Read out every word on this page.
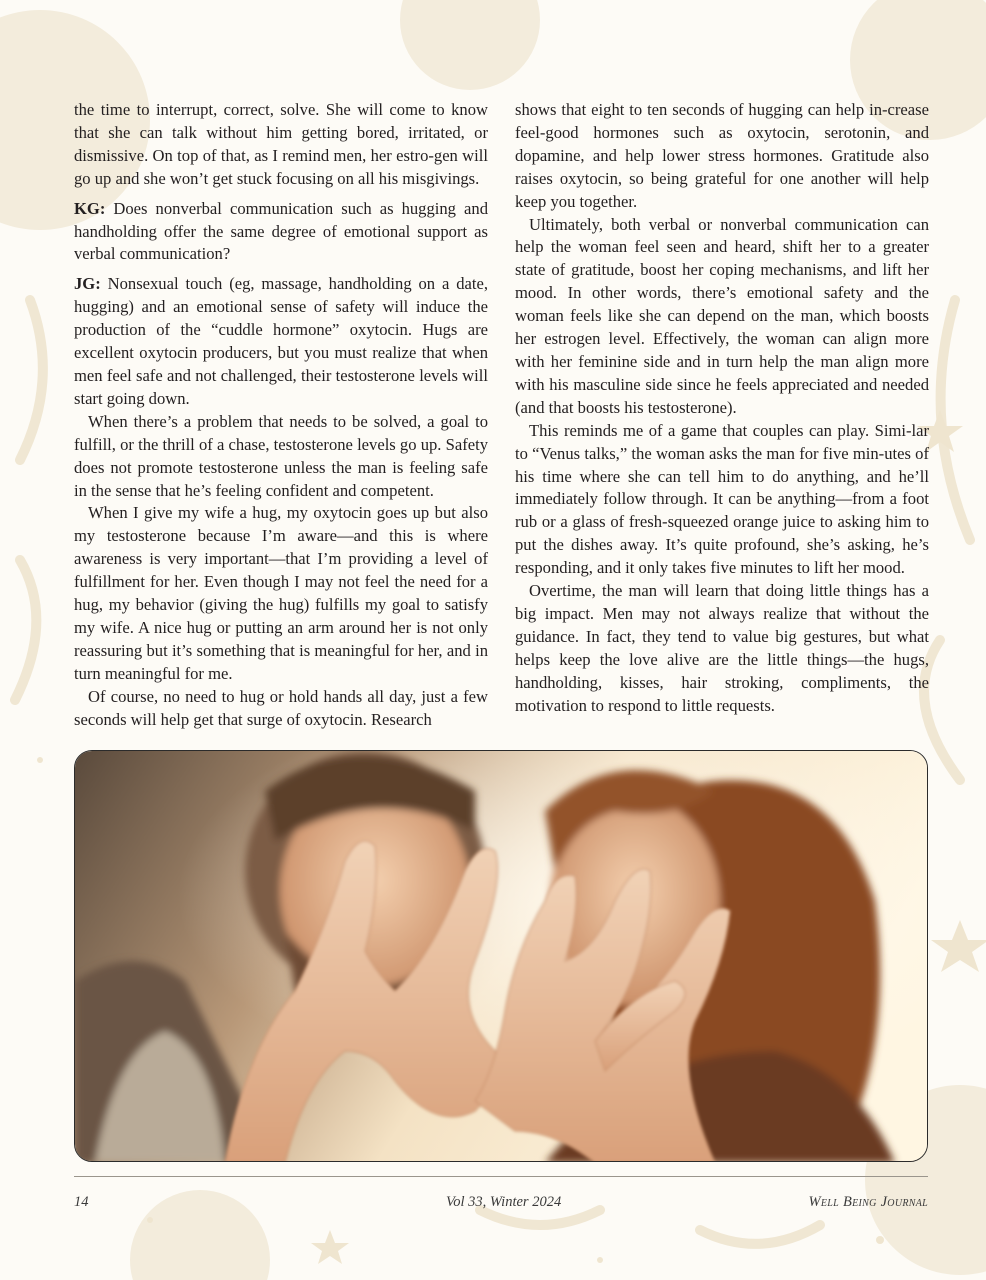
the time to interrupt, correct, solve. She will come to know that she can talk without him getting bored, irritated, or dismissive. On top of that, as I remind men, her estro-gen will go up and she won’t get stuck focusing on all his misgivings.

KG: Does nonverbal communication such as hugging and handholding offer the same degree of emotional support as verbal communication?

JG: Nonsexual touch (eg, massage, handholding on a date, hugging) and an emotional sense of safety will induce the production of the “cuddle hormone” oxytocin. Hugs are excellent oxytocin producers, but you must realize that when men feel safe and not challenged, their testosterone levels will start going down.

When there’s a problem that needs to be solved, a goal to fulfill, or the thrill of a chase, testosterone levels go up. Safety does not promote testosterone unless the man is feeling safe in the sense that he’s feeling confident and competent.

When I give my wife a hug, my oxytocin goes up but also my testosterone because I’m aware—and this is where awareness is very important—that I’m providing a level of fulfillment for her. Even though I may not feel the need for a hug, my behavior (giving the hug) fulfills my goal to satisfy my wife. A nice hug or putting an arm around her is not only reassuring but it’s something that is meaningful for her, and in turn meaningful for me.

Of course, no need to hug or hold hands all day, just a few seconds will help get that surge of oxytocin. Research

shows that eight to ten seconds of hugging can help in-crease feel-good hormones such as oxytocin, serotonin, and dopamine, and help lower stress hormones. Gratitude also raises oxytocin, so being grateful for one another will help keep you together.

Ultimately, both verbal or nonverbal communication can help the woman feel seen and heard, shift her to a greater state of gratitude, boost her coping mechanisms, and lift her mood. In other words, there’s emotional safety and the woman feels like she can depend on the man, which boosts her estrogen level. Effectively, the woman can align more with her feminine side and in turn help the man align more with his masculine side since he feels appreciated and needed (and that boosts his testosterone).

This reminds me of a game that couples can play. Simi-lar to “Venus talks,” the woman asks the man for five min-utes of his time where she can tell him to do anything, and he’ll immediately follow through. It can be anything—from a foot rub or a glass of fresh-squeezed orange juice to asking him to put the dishes away. It’s quite profound, she’s asking, he’s responding, and it only takes five minutes to lift her mood.

Overtime, the man will learn that doing little things has a big impact. Men may not always realize that without the guidance. In fact, they tend to value big gestures, but what helps keep the love alive are the little things—the hugs, handholding, kisses, hair stroking, compliments, the motivation to respond to little requests.

14	Vol 33, Winter 2024	Well Being Journal
